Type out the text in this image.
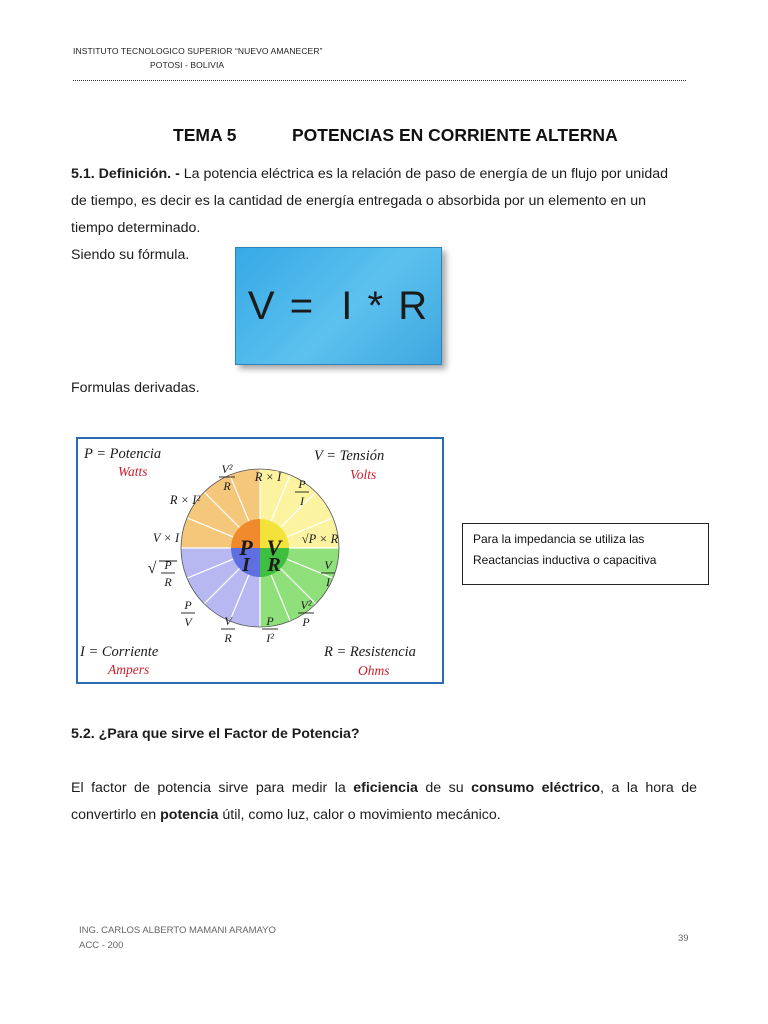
INSTITUTO TECNOLOGICO SUPERIOR “NUEVO AMANECER”
POTOSI - BOLIVIA
TEMA 5	POTENCIAS EN CORRIENTE ALTERNA
5.1. Definición. - La potencia eléctrica es la relación de paso de energía de un flujo por unidad
de tiempo, es decir es la cantidad de energía entregada o absorbida por un elemento en un
tiempo determinado.
Siendo su fórmula.
V =  I * R
Formulas derivadas.
P V
I R
P = Potencia	V = Tensión
I = Corriente	R = Resistencia
Watts	Volts
Ampers	Ohms
R × I²
V × I
R × I
√P × R
V²
R	P
I
√ P
R
P
V	V
R
P
I²
V²
P
V
I
Para la impedancia se utiliza las
Reactancias inductiva o capacitiva
5.2. ¿Para que sirve el Factor de Potencia?
El factor de potencia sirve para medir la eficiencia de su consumo eléctrico, a la hora de
convertirlo en potencia útil, como luz, calor o movimiento mecánico.
ING. CARLOS ALBERTO MAMANI ARAMAYO
ACC - 200
39
